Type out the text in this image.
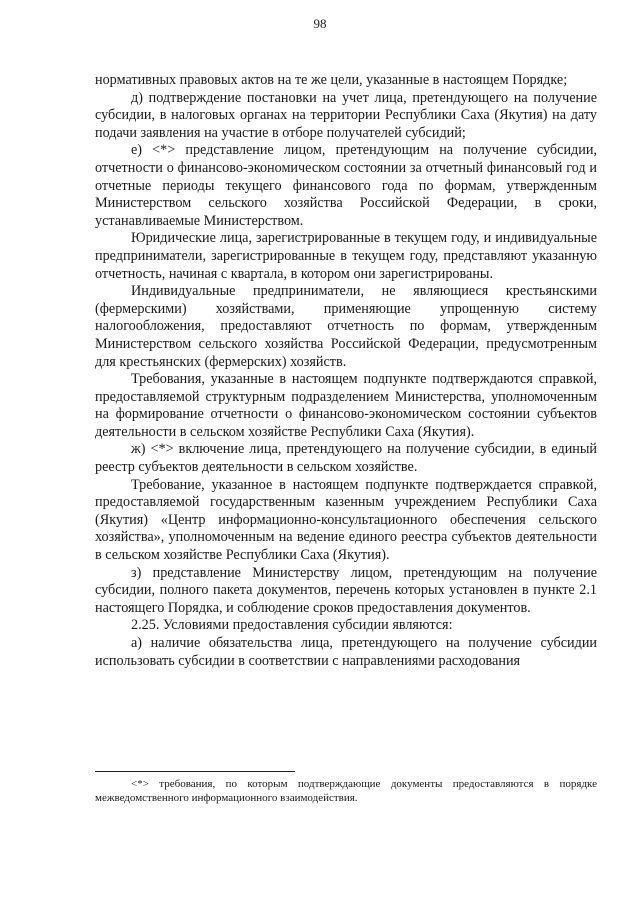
98

нормативных правовых актов на те же цели, указанные в настоящем Порядке;

д) подтверждение постановки на учет лица, претендующего на получение субсидии, в налоговых органах на территории Республики Саха (Якутия) на дату подачи заявления на участие в отборе получателей субсидий;

е) <*> представление лицом, претендующим на получение субсидии, отчетности о финансово-экономическом состоянии за отчетный финансовый год и отчетные периоды текущего финансового года по формам, утвержденным Министерством сельского хозяйства Российской Федерации, в сроки, устанавливаемые Министерством.

Юридические лица, зарегистрированные в текущем году, и индивидуальные предприниматели, зарегистрированные в текущем году, представляют указанную отчетность, начиная с квартала, в котором они зарегистрированы.

Индивидуальные предприниматели, не являющиеся крестьянскими (фермерскими) хозяйствами, применяющие упрощенную систему налогообложения, предоставляют отчетность по формам, утвержденным Министерством сельского хозяйства Российской Федерации, предусмотренным для крестьянских (фермерских) хозяйств.

Требования, указанные в настоящем подпункте подтверждаются справкой, предоставляемой структурным подразделением Министерства, уполномоченным на формирование отчетности о финансово-экономическом состоянии субъектов деятельности в сельском хозяйстве Республики Саха (Якутия).

ж) <*> включение лица, претендующего на получение субсидии, в единый реестр субъектов деятельности в сельском хозяйстве.

Требование, указанное в настоящем подпункте подтверждается справкой, предоставляемой государственным казенным учреждением Республики Саха (Якутия) «Центр информационно-консультационного обеспечения сельского хозяйства», уполномоченным на ведение единого реестра субъектов деятельности в сельском хозяйстве Республики Саха (Якутия).

з) представление Министерству лицом, претендующим на получение субсидии, полного пакета документов, перечень которых установлен в пункте 2.1 настоящего Порядка, и соблюдение сроков предоставления документов.

2.25. Условиями предоставления субсидии являются:

а) наличие обязательства лица, претендующего на получение субсидии использовать субсидии в соответствии с направлениями расходования

<*> требования, по которым подтверждающие документы предоставляются в порядке межведомственного информационного взаимодействия.
